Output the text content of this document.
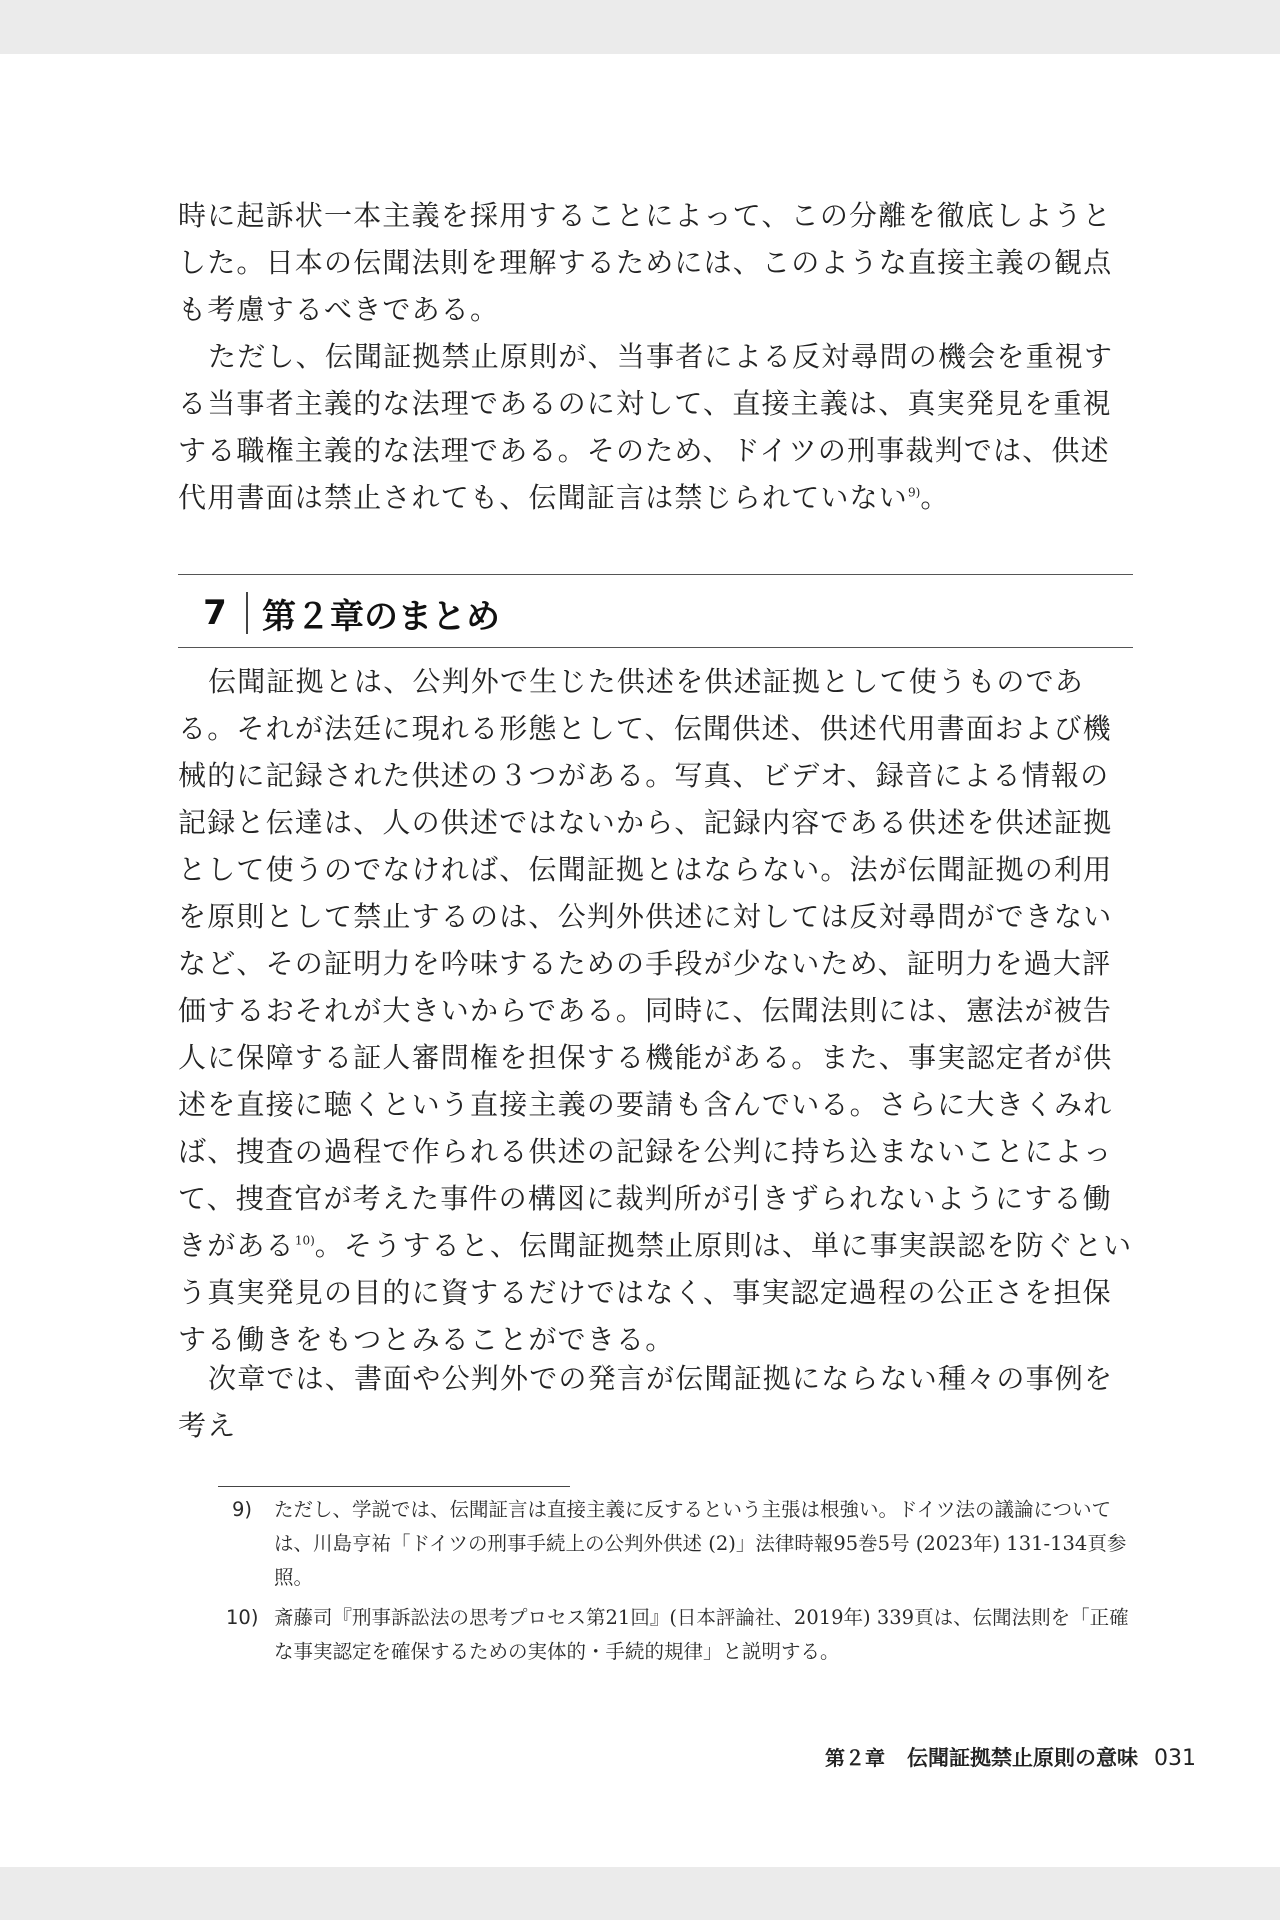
時に起訴状一本主義を採用することによって、この分離を徹底しようとした。日本の伝聞法則を理解するためには、このような直接主義の観点も考慮するべきである。

ただし、伝聞証拠禁止原則が、当事者による反対尋問の機会を重視する当事者主義的な法理であるのに対して、直接主義は、真実発見を重視する職権主義的な法理である。そのため、ドイツの刑事裁判では、供述代用書面は禁止されても、伝聞証言は禁じられていない$^{9)}$。

7 第２章のまとめ

伝聞証拠とは、公判外で生じた供述を供述証拠として使うものである。それが法廷に現れる形態として、伝聞供述、供述代用書面および機械的に記録された供述の３つがある。写真、ビデオ、録音による情報の記録と伝達は、人の供述ではないから、記録内容である供述を供述証拠として使うのでなければ、伝聞証拠とはならない。法が伝聞証拠の利用を原則として禁止するのは、公判外供述に対しては反対尋問ができないなど、その証明力を吟味するための手段が少ないため、証明力を過大評価するおそれが大きいからである。同時に、伝聞法則には、憲法が被告人に保障する証人審問権を担保する機能がある。また、事実認定者が供述を直接に聴くという直接主義の要請も含んでいる。さらに大きくみれば、捜査の過程で作られる供述の記録を公判に持ち込まないことによって、捜査官が考えた事件の構図に裁判所が引きずられないようにする働きがある$^{10)}$。そうすると、伝聞証拠禁止原則は、単に事実誤認を防ぐという真実発見の目的に資するだけではなく、事実認定過程の公正さを担保する働きをもつとみることができる。

次章では、書面や公判外での発言が伝聞証拠にならない種々の事例を考え

9) ただし、学説では、伝聞証言は直接主義に反するという主張は根強い。ドイツ法の議論については、川島亨祐「ドイツの刑事手続上の公判外供述 (2)」法律時報95巻5号 (2023年) 131-134頁参照。
10) 斎藤司『刑事訴訟法の思考プロセス第21回』(日本評論社、2019年) 339頁は、伝聞法則を「正確な事実認定を確保するための実体的・手続的規律」と説明する。
第２章 伝聞証拠禁止原則の意味 031
